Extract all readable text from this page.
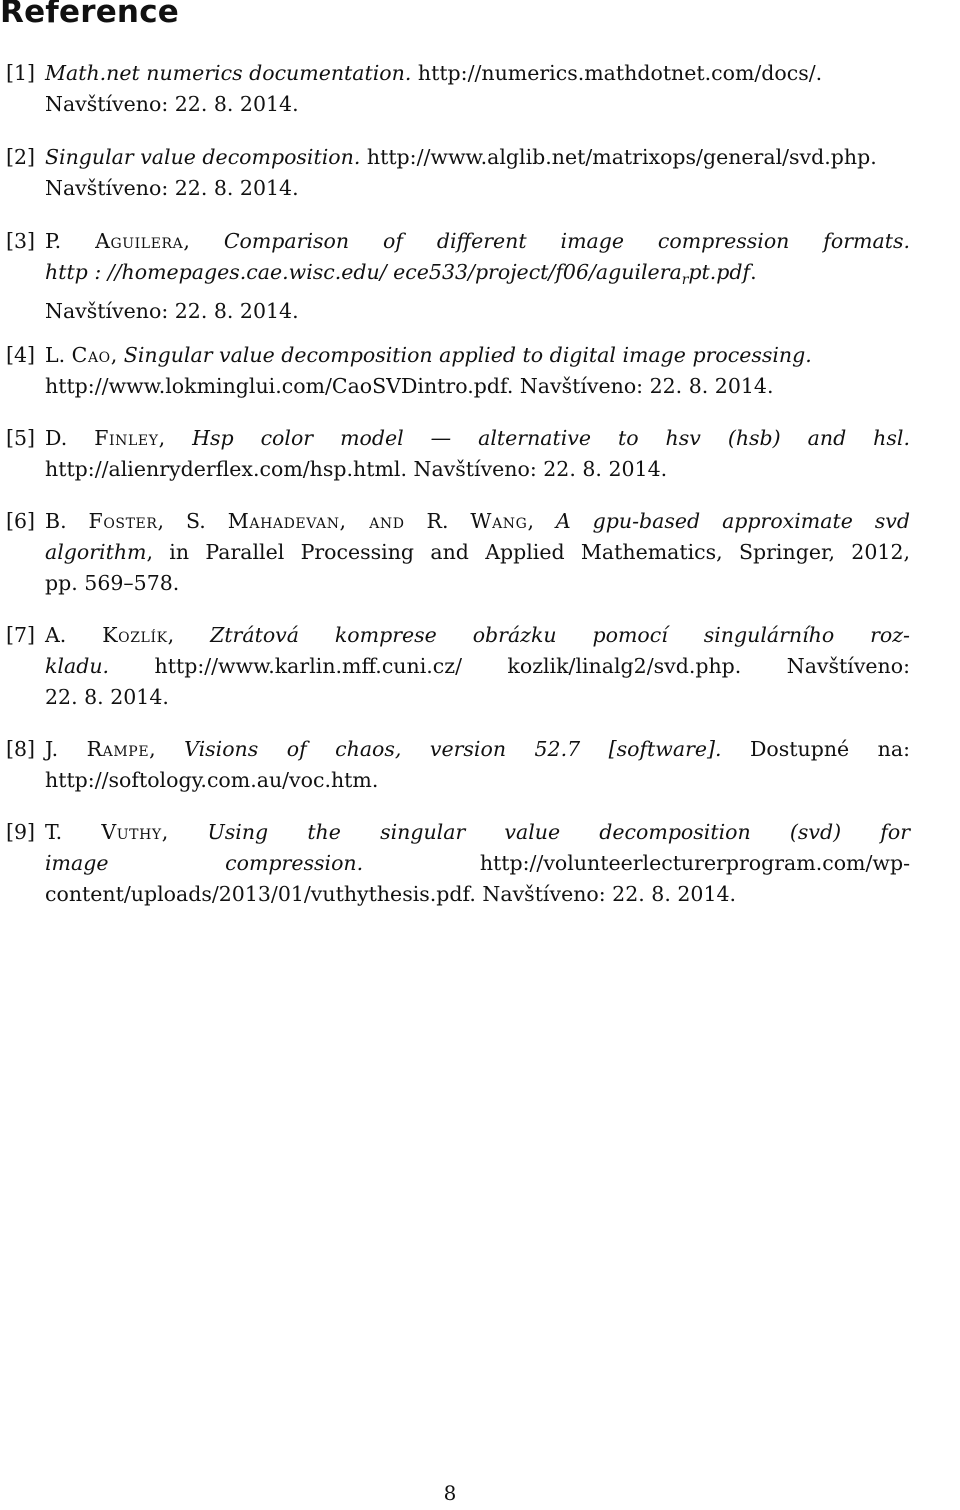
Reference
[1] Math.net numerics documentation. http://numerics.mathdotnet.com/docs/.
Navštíveno: 22. 8. 2014.
[2] Singular value decomposition. http://www.alglib.net/matrixops/general/svd.php.
Navštíveno: 22. 8. 2014.
[3] P. Aguilera, Comparison of different image compression formats.
http : //homepages.cae.wisc.edu/ ece533/project/f06/aguilera$_r$pt.pdf.
Navštíveno: 22. 8. 2014.
[4] L. Cao, Singular value decomposition applied to digital image processing.
http://www.lokminglui.com/CaoSVDintro.pdf. Navštíveno: 22. 8. 2014.
[5] D. Finley, Hsp color model — alternative to hsv (hsb) and hsl.
http://alienryderflex.com/hsp.html. Navštíveno: 22. 8. 2014.
[6] B. Foster, S. Mahadevan, and R. Wang, A gpu-based approximate svd
algorithm, in Parallel Processing and Applied Mathematics, Springer, 2012,
pp. 569–578.
[7] A. Kozlík, Ztrátová komprese obrázku pomocí singulárního roz-
kladu. http://www.karlin.mff.cuni.cz/ kozlik/linalg2/svd.php. Navštíveno:
22. 8. 2014.
[8] J. Rampe, Visions of chaos, version 52.7 [software]. Dostupné na:
http://softology.com.au/voc.htm.
[9] T. Vuthy, Using the singular value decomposition (svd) for
image compression. http://volunteerlecturerprogram.com/wp-
content/uploads/2013/01/vuthythesis.pdf. Navštíveno: 22. 8. 2014.
8
